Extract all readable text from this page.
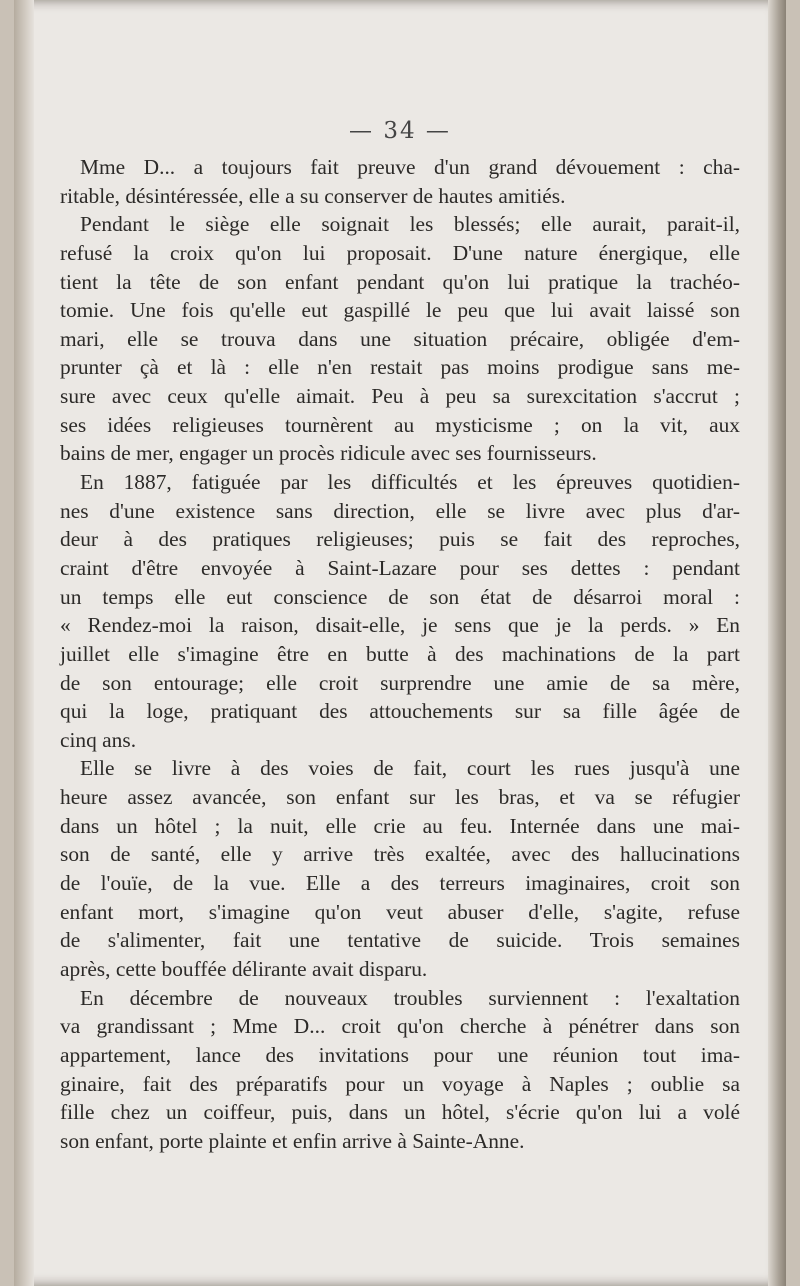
— 34 —
Mme D... a toujours fait preuve d'un grand dévouement : cha-
ritable, désintéressée, elle a su conserver de hautes amitiés.
Pendant le siège elle soignait les blessés; elle aurait, parait-il,
refusé la croix qu'on lui proposait. D'une nature énergique, elle
tient la tête de son enfant pendant qu'on lui pratique la trachéo-
tomie. Une fois qu'elle eut gaspillé le peu que lui avait laissé son
mari, elle se trouva dans une situation précaire, obligée d'em-
prunter çà et là : elle n'en restait pas moins prodigue sans me-
sure avec ceux qu'elle aimait. Peu à peu sa surexcitation s'accrut ;
ses idées religieuses tournèrent au mysticisme ; on la vit, aux
bains de mer, engager un procès ridicule avec ses fournisseurs.
En 1887, fatiguée par les difficultés et les épreuves quotidien-
nes d'une existence sans direction, elle se livre avec plus d'ar-
deur à des pratiques religieuses; puis se fait des reproches,
craint d'être envoyée à Saint-Lazare pour ses dettes : pendant
un temps elle eut conscience de son état de désarroi moral :
« Rendez-moi la raison, disait-elle, je sens que je la perds. » En
juillet elle s'imagine être en butte à des machinations de la part
de son entourage; elle croit surprendre une amie de sa mère,
qui la loge, pratiquant des attouchements sur sa fille âgée de
cinq ans.
Elle se livre à des voies de fait, court les rues jusqu'à une
heure assez avancée, son enfant sur les bras, et va se réfugier
dans un hôtel ; la nuit, elle crie au feu. Internée dans une mai-
son de santé, elle y arrive très exaltée, avec des hallucinations
de l'ouïe, de la vue. Elle a des terreurs imaginaires, croit son
enfant mort, s'imagine qu'on veut abuser d'elle, s'agite, refuse
de s'alimenter, fait une tentative de suicide. Trois semaines
après, cette bouffée délirante avait disparu.
En décembre de nouveaux troubles surviennent : l'exaltation
va grandissant ; Mme D... croit qu'on cherche à pénétrer dans son
appartement, lance des invitations pour une réunion tout ima-
ginaire, fait des préparatifs pour un voyage à Naples ; oublie sa
fille chez un coiffeur, puis, dans un hôtel, s'écrie qu'on lui a volé
son enfant, porte plainte et enfin arrive à Sainte-Anne.
